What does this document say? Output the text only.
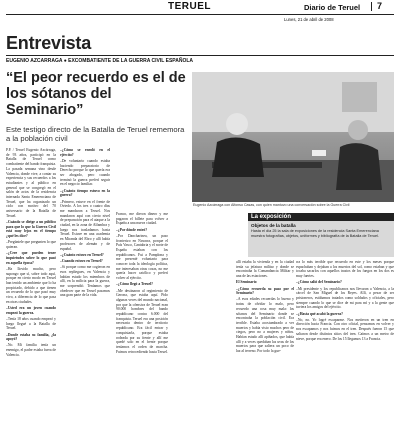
TERUEL	Diario de Teruel 7
Lunes, 21 de abril de 2008
Entrevista
EUGENIO AZCARRAGA ● EXCOMBATIENTE DE LA GUERRA CIVIL ESPAÑOLA
“El peor recuerdo es el de los sótanos del Seminario”
Este testigo directo de la Batalla de Teruel rememora a la población civil
Eugenio Azcárraga con Alfonso Casas, con quien mantuvo una conversación sobre la Guerra Civil

P.P. / Teruel Eugenio Azcárraga, de 93 años, participó en la Batalla de Teruel como combatiente del bando franquista. La pasada semana vino desde Valencia, donde vive, a contar su experiencia y sus recuerdos a los estudiantes y al público en general que se congregó en el salón de actos de la residencia internada Santa Emerenciana de Teruel, que ha organizado un ciclo con motivo del 70 aniversario de la Batalla de Teruel.

–Cuándo se dirige a un público para que lo que la Guerra Civil está muy lejos en el tiempo ¿qué les dice?

–Pregúntele que pregunten lo que quieran.

–¿Cree que pueden tener inquietudes sobre lo que pasó en aquella época?

–Ha llovido mucho, pero supongo que sí, sobre todo aquí, porque en cierto modo en Teruel han tenido un ambiente que lo ha propiciado, debido a que tienen un recuerdo de lo que pasó muy vivo, a diferencia de lo que pasa en otras ciudades.

–Usted era un joven cuando empezó la guerra.

–Tenía 18 años cuando empezó y luego llegué a la Batalla de Teruel.

–Donde estaba su familia, ¿la apoyó?

–No. Mi familia tenía un enemigo, el padre estaba fuera de Valencia.

–¿Cómo se enroló en el ejército?

–De voluntario cuando estaba haciendo preparatorio de Derecho porque lo que quería era ser abogado, pero cuando terminó la guerra preferí seguir en el negocio familiar.

–¿Cuánto tiempo estuvo en la guerra?

–Primero, estuve en el frente de Oviedo. A los tres o cuatro días me mandaron a Teruel. Nos mandaron aquí con cierto nivel de preparación para el ataque a la ciudad, en la zona de Alfambra y luego nos trasladamos hasta Teruel. Estuve en una academia en Miranda del Ebro y allí había profesores de alemán y de español.

–¿Cuánto estuvo en Teruel?

–Cuando estuvo en Teruel?

–Si porque como me cogieron en esos repliegues, en Valencia y habían estado los miembros de allí, en la milicia para la guerra, me sorprendió. Teníamos que obedecer que en Teruel pasamos una gran parte de la vida.

Franco, me dieron dinero y me pagaron el billete para volver a España a una nueva ciudad.

–¿Por dónde entró?

–Por Dancharinea, un paso fronterizo en Navarra, porque el País Vasco, Cantabria y el norte de España estaban con los republicanos. Fui a Pamplona y me presenté voluntario para conocer toda la ideología política, me interesaban otras cosas, no me quería hacer católico y preferí volver al ejército.

–¿Cómo llegó a Teruel?

–Me destinaron al regimiento de Gerona, que estaba aquí. Pido algunas veces del mundo nacional, por que la ofensiva de Teruel eran 90.000 hombres del bando republicano contra 6.000 del franquista. Teruel era una posición necesaria dentro de territorio republicano. Era fácil entrar y conquistarla, porque estaba rodeada por su frente y allí me quedé solo en el frente porque teníamos el orden de marcha. Fuimos retrocediendo hasta Teruel.

allí estaba la vivienda y en la ciudad tenía su jefatura militar y donde se encontraba la Comandancia Militar y una de las estaciones.

El Seminario

–¿Cómo recuerda su paso por el Seminario?

–A esos edades recuerdas lo bueno y tratas de olvidar lo malo, pero recuerdo una cosa muy mala: los sótanos del Seminario donde se encontraba la población civil. Era terrible. Estaba acostumbrado a ver muertos y había visto muchos pero de ciegos, pero no a mujeres y niños. Habían estado allí apiñados, que había allí y a veces quedaban las uvas de los muertos para que saliera un poco de luz al terreno. Por todo la gue-

rra lo más terrible que recuerdo en este y los meses porque espachaban y dejaban a los muertos del sol, como estaban y que tocaba sacarlos con aquellos trastos de los fuegos en los dos es muy fuertes.

–¿Cómo salió del Seminario?

–Mi presidente y los republicanos nos llevaron a Valencia, a la cárcel de San Miguel de los Reyes. Allí, a pesar de ser prisioneros, estábamos tratados como soldados y oficiales, pero siempre cuando lo que se dice de mi para mí y a la gente que tuviera los amigos del ejército.

–¿Hasta qué acabó la guerra?

–No, no. Yo logré escaparme. Nos metieron en un tren en dirección hacia Francia. Con otro oficial, pensamos en volver y nos escapamos y nos fuimos en el tren. Después fueron 15 que saltaron desde distintos sitios del tren. Caímos a un metro de nieve, porque era enero. De los 15 llegamos 13 a Francia.

La exposición
Objetos de la batalla
Hasta el día 25 la sala de exposiciones de la residencia Santa Emerenciana muestra fotografías, objetos, uniformes y bibliografía de la Batalla de Teruel.
